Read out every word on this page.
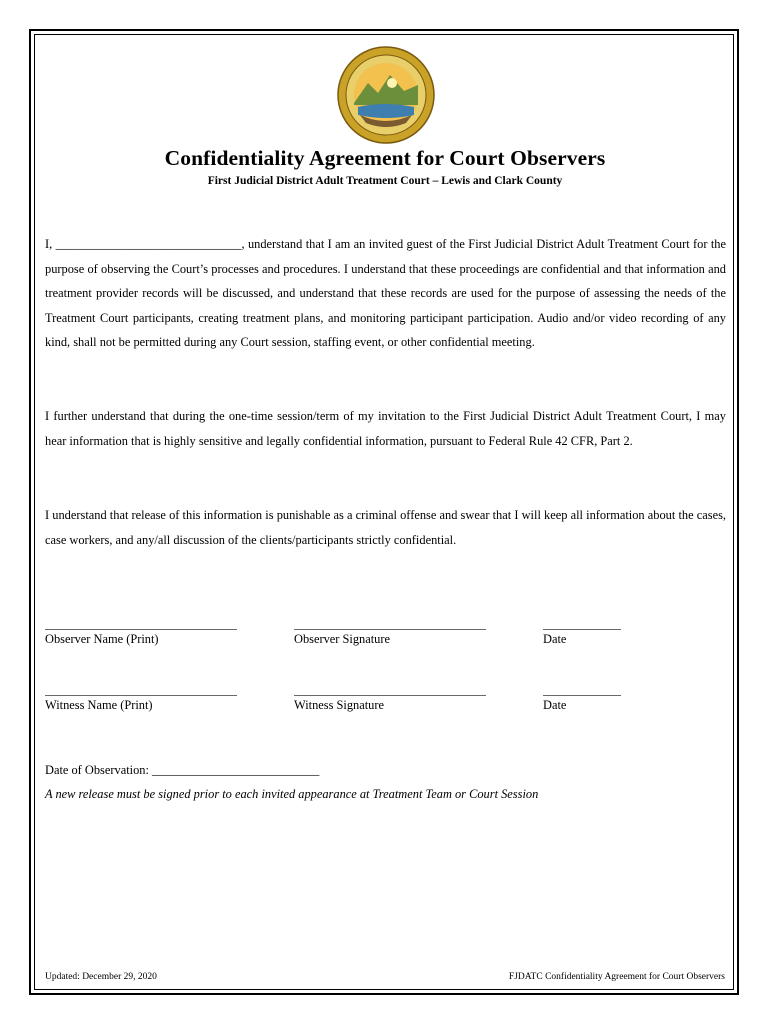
Confidentiality Agreement for Court Observers
First Judicial District Adult Treatment Court – Lewis and Clark County
I, ______________________________, understand that I am an invited guest of the First Judicial District Adult Treatment Court for the purpose of observing the Court’s processes and procedures. I understand that these proceedings are confidential and that information and treatment provider records will be discussed, and understand that these records are used for the purpose of assessing the needs of the Treatment Court participants, creating treatment plans, and monitoring participant participation. Audio and/or video recording of any kind, shall not be permitted during any Court session, staffing event, or other confidential meeting.
I further understand that during the one-time session/term of my invitation to the First Judicial District Adult Treatment Court, I may hear information that is highly sensitive and legally confidential information, pursuant to Federal Rule 42 CFR, Part 2.
I understand that release of this information is punishable as a criminal offense and swear that I will keep all information about the cases, case workers, and any/all discussion of the clients/participants strictly confidential.
________________________________	________________________________	_____________
Observer Name (Print)	Observer Signature	Date
________________________________	________________________________	_____________
Witness Name (Print)	Witness Signature	Date
Date of Observation: ___________________________
A new release must be signed prior to each invited appearance at Treatment Team or Court Session
Updated: December 29, 2020	FJDATC Confidentiality Agreement for Court Observers
